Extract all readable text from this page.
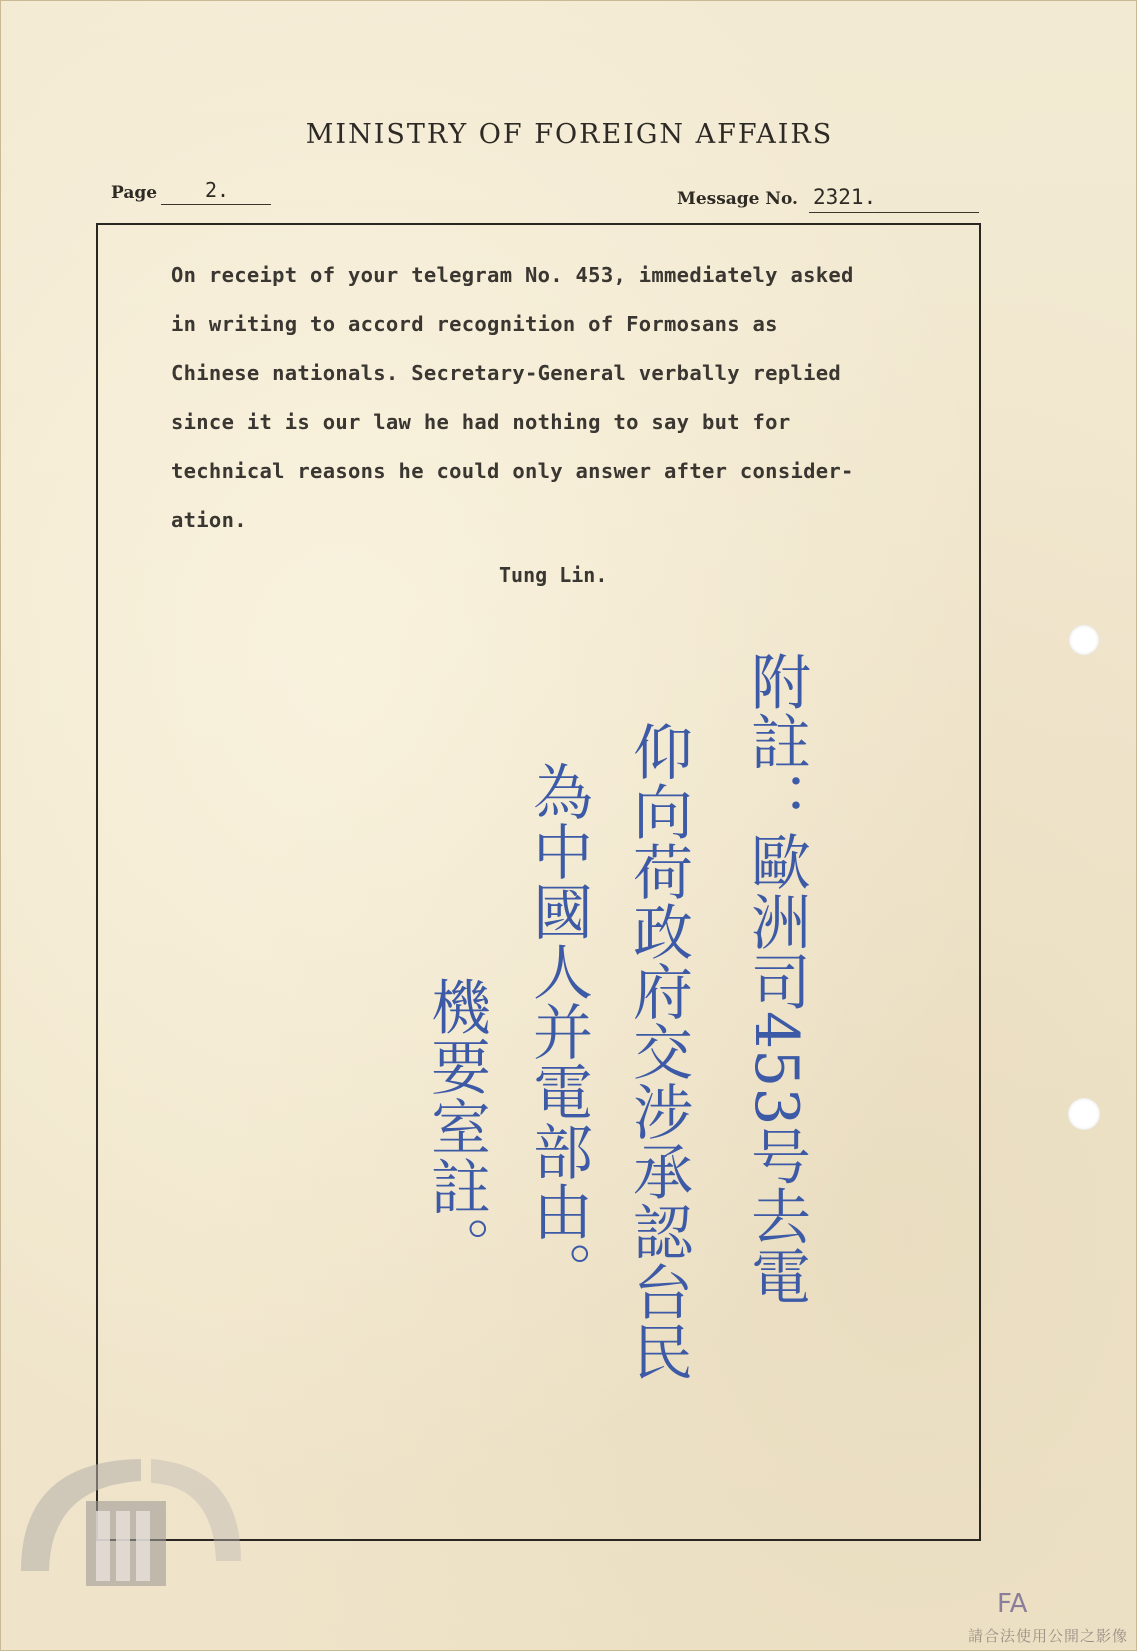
MINISTRY OF FOREIGN AFFAIRS
Page	2.	Message No. 2321.

On receipt of your telegram No. 453, immediately asked
in writing to accord recognition of Formosans as
Chinese nationals. Secretary-General verbally replied
since it is our law he had nothing to say but for
technical reasons he could only answer after consider-
ation.

Tung Lin.
附註：歐洲司453号去電
仰向荷政府交涉承認台民
為中國人并電部由。
機要室註。
FA
請合法使用公開之影像
